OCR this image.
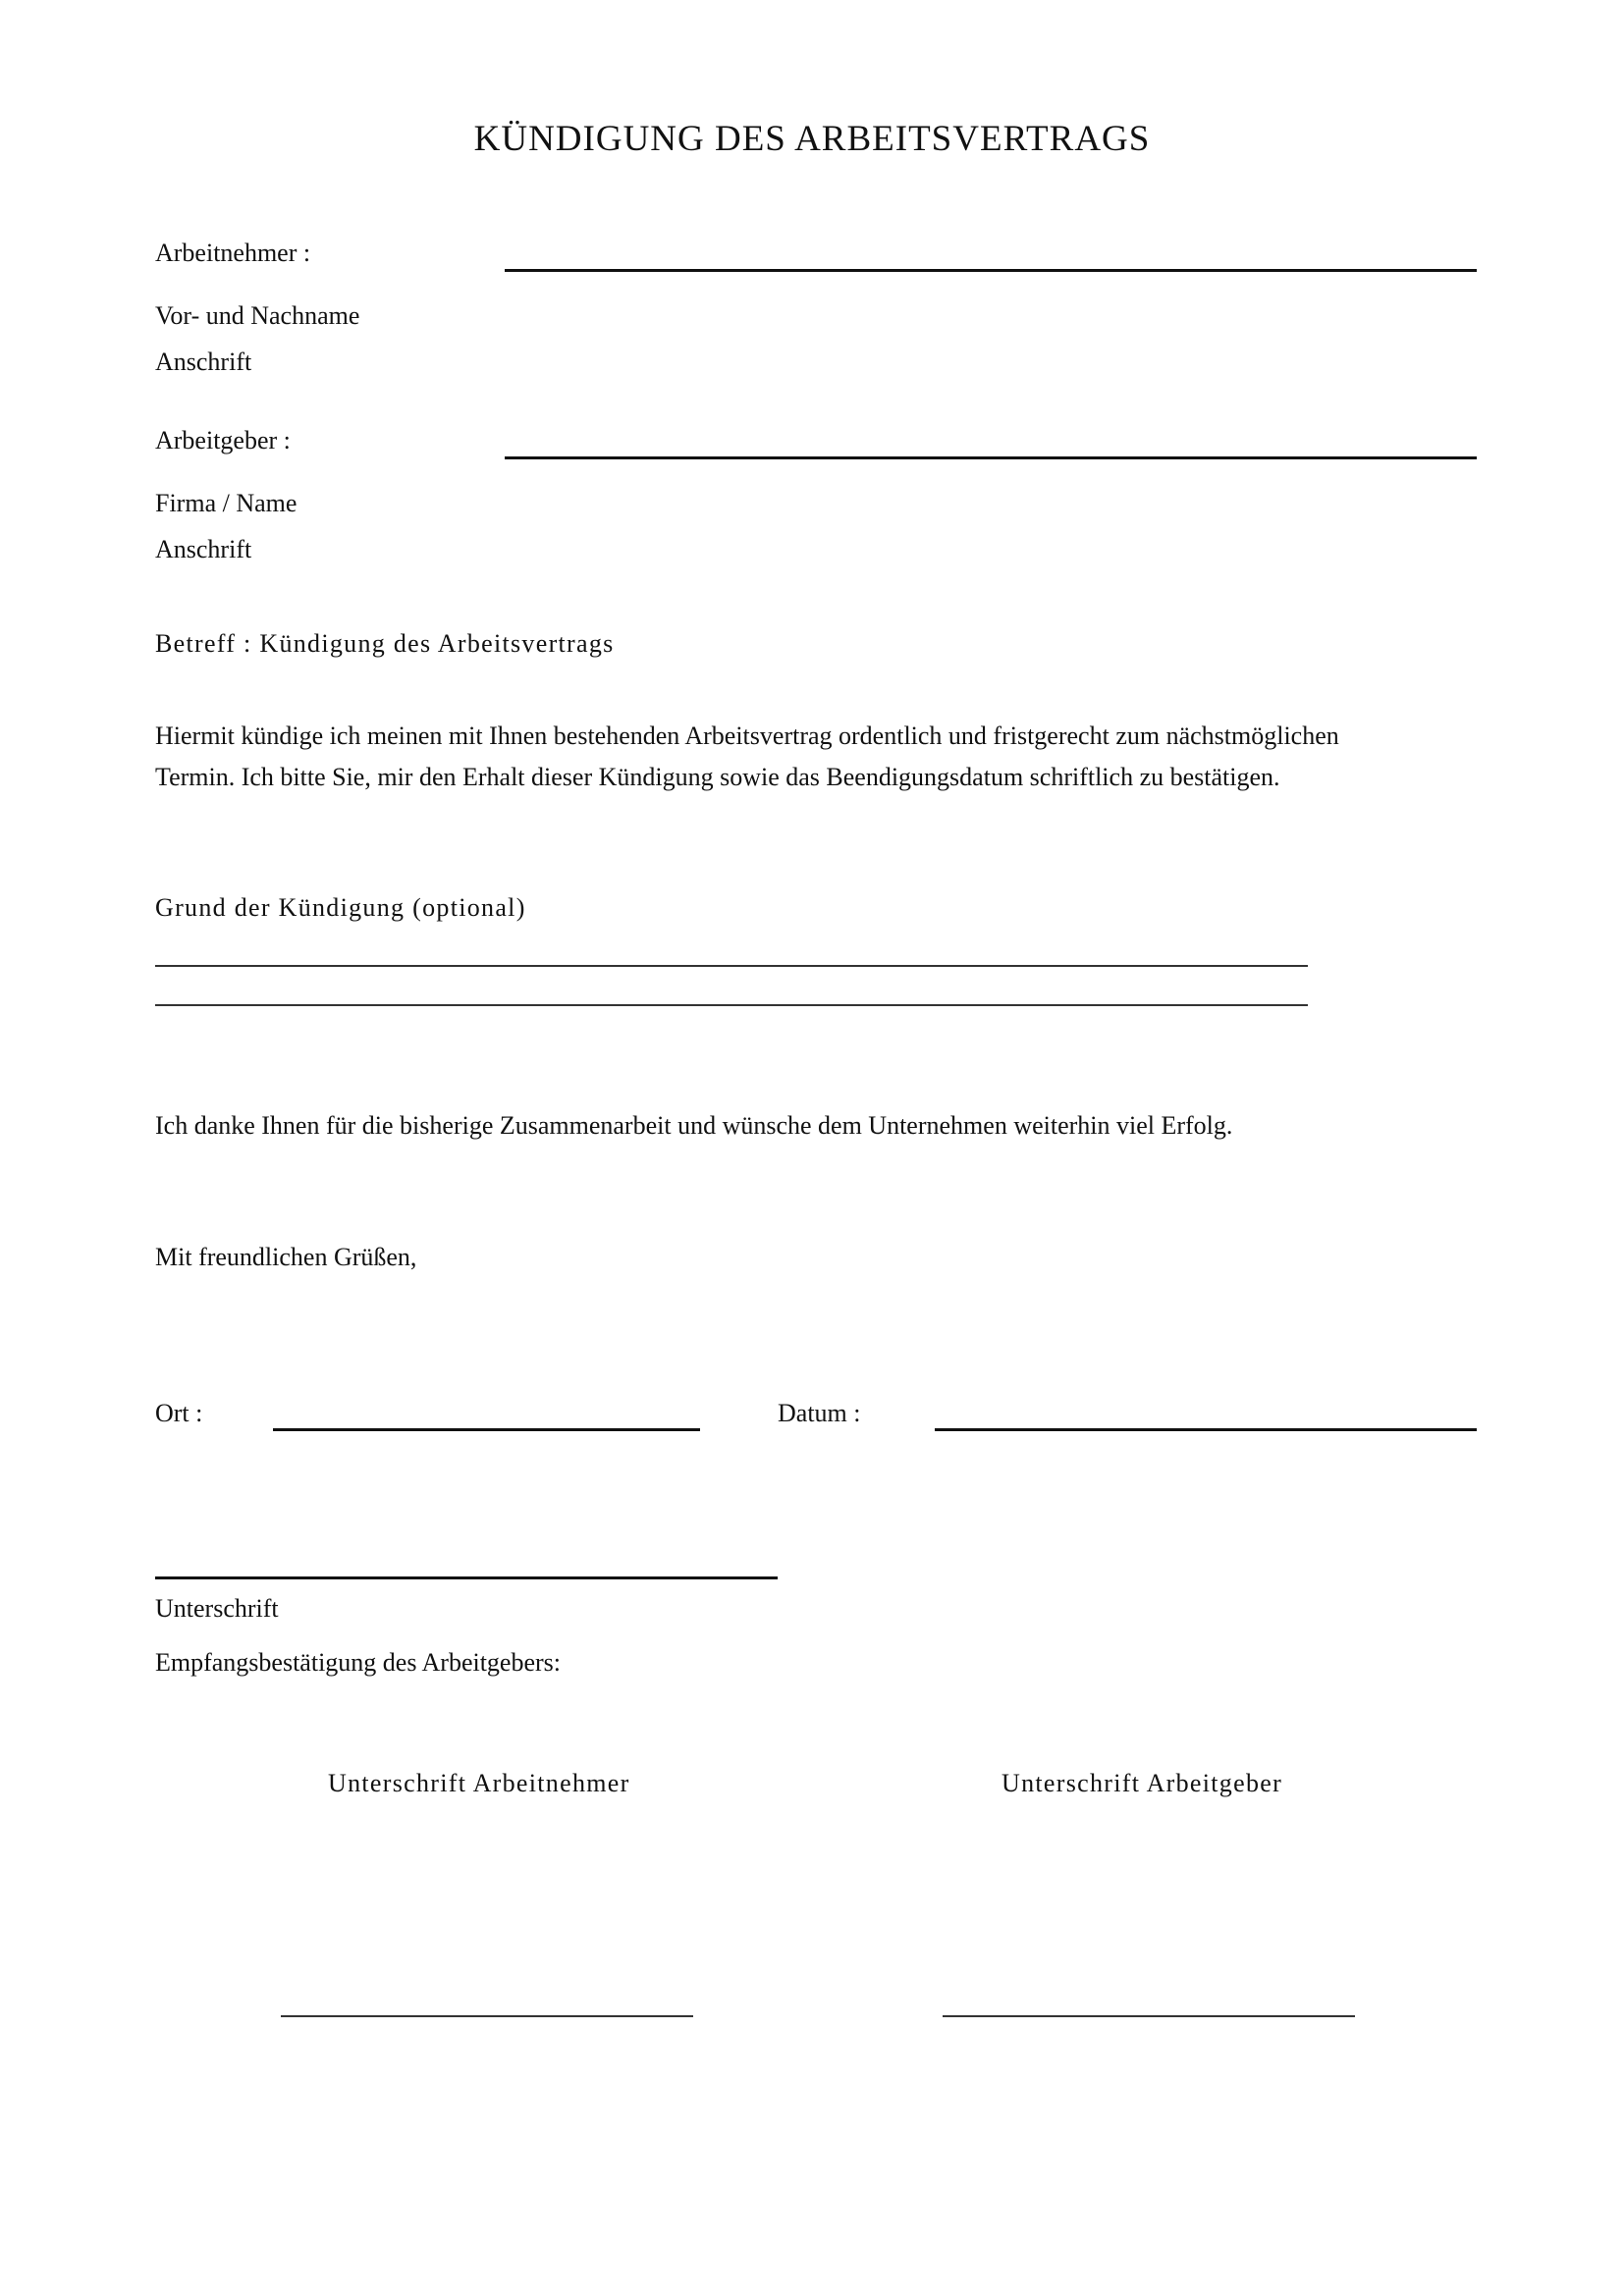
KÜNDIGUNG DES ARBEITSVERTRAGS
Arbeitnehmer :
Vor- und Nachname
Anschrift
Arbeitgeber :
Firma / Name
Anschrift
Betreff : Kündigung des Arbeitsvertrags
Hiermit kündige ich meinen mit Ihnen bestehenden Arbeitsvertrag ordentlich und fristgerecht zum nächstmöglichen
Termin. Ich bitte Sie, mir den Erhalt dieser Kündigung sowie das Beendigungsdatum schriftlich zu bestätigen.
Grund der Kündigung (optional)
Ich danke Ihnen für die bisherige Zusammenarbeit und wünsche dem Unternehmen weiterhin viel Erfolg.
Mit freundlichen Grüßen,
Ort :	Datum :
Unterschrift
Empfangsbestätigung des Arbeitgebers:
Unterschrift Arbeitnehmer	Unterschrift Arbeitgeber
